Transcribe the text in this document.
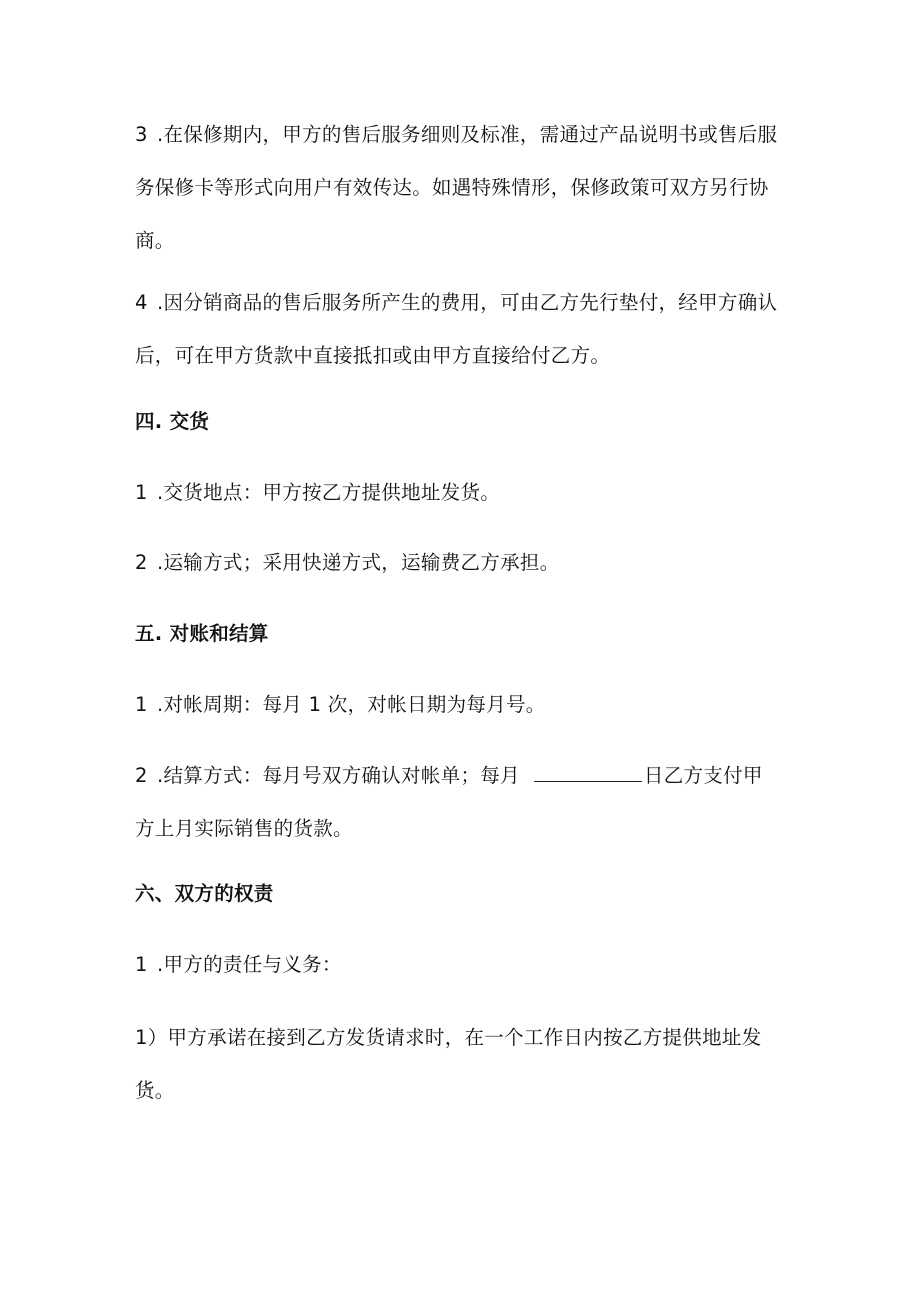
3 .在保修期内，甲方的售后服务细则及标准，需通过产品说明书或售后服
务保修卡等形式向用户有效传达。如遇特殊情形，保修政策可双方另行协
商。
4 .因分销商品的售后服务所产生的费用，可由乙方先行垫付，经甲方确认
后，可在甲方货款中直接抵扣或由甲方直接给付乙方。
四. 交货
1 .交货地点：甲方按乙方提供地址发货。
2 .运输方式；采用快递方式，运输费乙方承担。
五. 对账和结算
1 .对帐周期：每月 1 次，对帐日期为每月号。
2 .结算方式：每月号双方确认对帐单；每月	日乙方支付甲
方上月实际销售的货款。
六、双方的权责
1 .甲方的责任与义务：
1）甲方承诺在接到乙方发货请求时，在一个工作日内按乙方提供地址发
货。
